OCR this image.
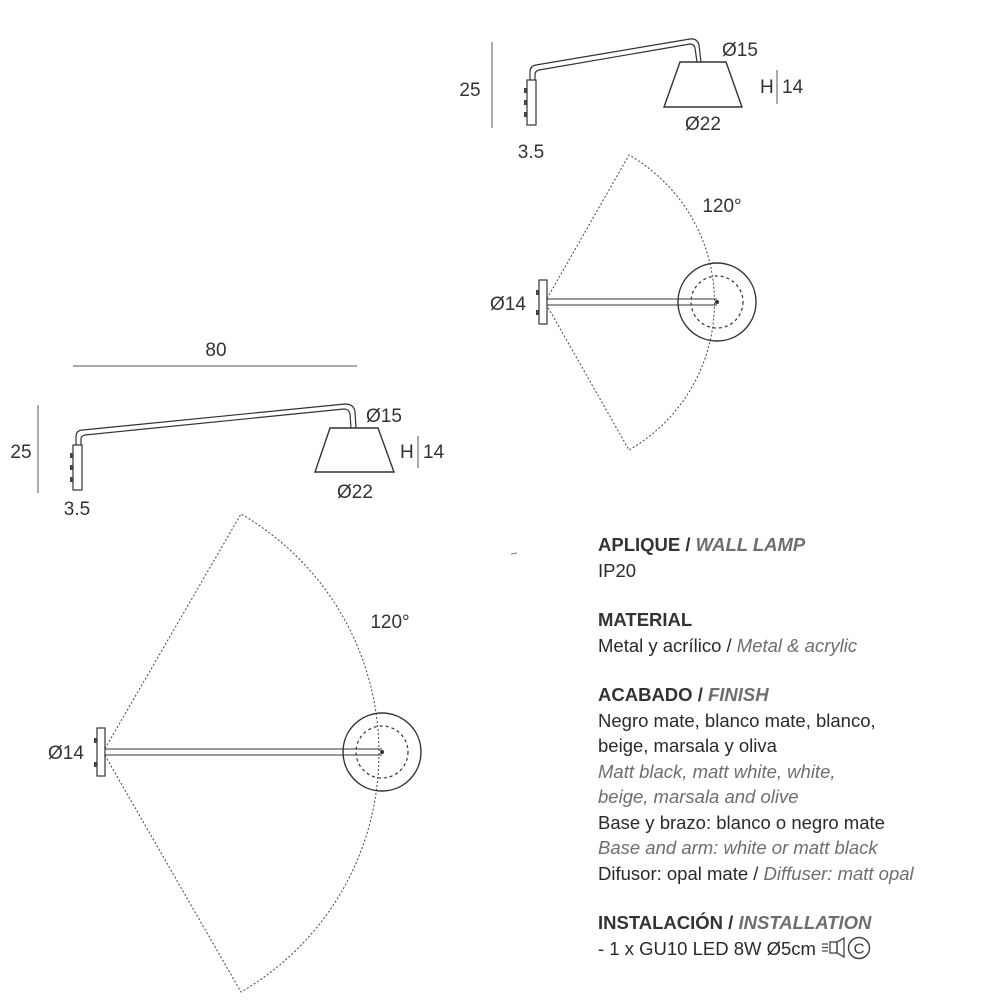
25
Ø15
H 14
Ø22
3.5
120°
Ø14
80
25
Ø15
H 14
Ø22
3.5
120°
Ø14
APLIQUE / WALL LAMP
IP20
MATERIAL
Metal y acrílico / Metal & acrylic
ACABADO / FINISH
Negro mate, blanco mate, blanco,
beige, marsala y oliva
Matt black, matt white, white,
beige, marsala and olive
Base y brazo: blanco o negro mate
Base and arm: white or matt black
Difusor: opal mate / Diffuser: matt opal
INSTALACIÓN / INSTALLATION
- 1 x GU10 LED 8W Ø5cm	C
